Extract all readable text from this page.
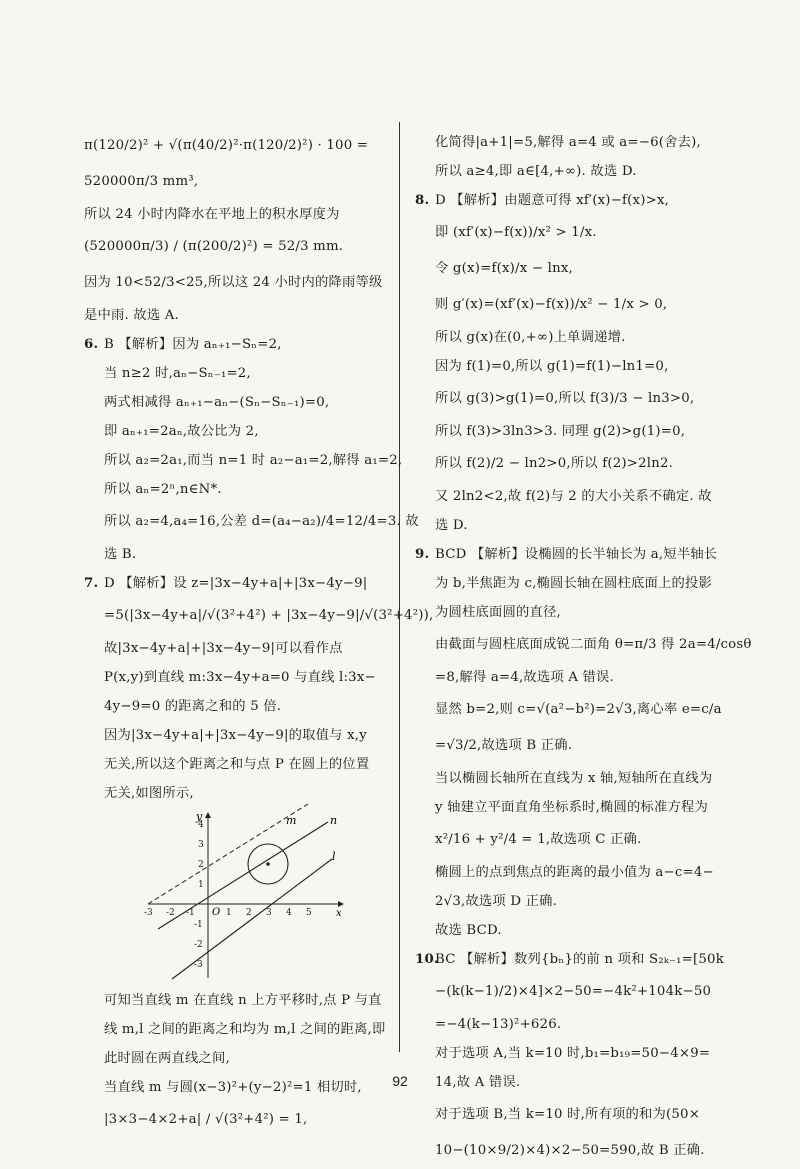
π(120/2)² + √(π(40/2)²·π(120/2)²) · 100 =
520000π/3 mm³,
所以 24 小时内降水在平地上的积水厚度为
(520000π/3) / (π(200/2)²) = 52/3 mm.
因为 10<52/3<25,所以这 24 小时内的降雨等级
是中雨. 故选 A.
6. B 【解析】因为 aₙ₊₁−Sₙ=2,
当 n≥2 时,aₙ−Sₙ₋₁=2,
两式相减得 aₙ₊₁−aₙ−(Sₙ−Sₙ₋₁)=0,
即 aₙ₊₁=2aₙ,故公比为 2,
所以 a₂=2a₁,而当 n=1 时 a₂−a₁=2,解得 a₁=2,
所以 aₙ=2ⁿ,n∈N*.
所以 a₂=4,a₄=16,公差 d=(a₄−a₂)/4=12/4=3. 故
选 B.
7. D 【解析】设 z=|3x−4y+a|+|3x−4y−9|
=5(|3x−4y+a|/√(3²+4²) + |3x−4y−9|/√(3²+4²)),
故|3x−4y+a|+|3x−4y−9|可以看作点
P(x,y)到直线 m:3x−4y+a=0 与直线 l:3x−
4y−9=0 的距离之和的 5 倍.
因为|3x−4y+a|+|3x−4y−9|的取值与 x,y
无关,所以这个距离之和与点 P 在圆上的位置
无关,如图所示,
-3 -2 -1	1 2 3 4 5
4
3
2
1
-1
-2
-3
O	x
y	m	n
l
可知当直线 m 在直线 n 上方平移时,点 P 与直
线 m,l 之间的距离之和均为 m,l 之间的距离,即
此时圆在两直线之间,
当直线 m 与圆(x−3)²+(y−2)²=1 相切时,
|3×3−4×2+a| / √(3²+4²) = 1,
化简得|a+1|=5,解得 a=4 或 a=−6(舍去),
所以 a≥4,即 a∈[4,+∞). 故选 D.
8. D 【解析】由题意可得 xf′(x)−f(x)>x,
即 (xf′(x)−f(x))/x² > 1/x.
令 g(x)=f(x)/x − lnx,
则 g′(x)=(xf′(x)−f(x))/x² − 1/x > 0,
所以 g(x)在(0,+∞)上单调递增.
因为 f(1)=0,所以 g(1)=f(1)−ln1=0,
所以 g(3)>g(1)=0,所以 f(3)/3 − ln3>0,
所以 f(3)>3ln3>3. 同理 g(2)>g(1)=0,
所以 f(2)/2 − ln2>0,所以 f(2)>2ln2.
又 2ln2<2,故 f(2)与 2 的大小关系不确定. 故
选 D.
9. BCD 【解析】设椭圆的长半轴长为 a,短半轴长
为 b,半焦距为 c,椭圆长轴在圆柱底面上的投影
为圆柱底面圆的直径,
由截面与圆柱底面成锐二面角 θ=π/3 得 2a=4/cosθ
=8,解得 a=4,故选项 A 错误.
显然 b=2,则 c=√(a²−b²)=2√3,离心率 e=c/a
=√3/2,故选项 B 正确.
当以椭圆长轴所在直线为 x 轴,短轴所在直线为
y 轴建立平面直角坐标系时,椭圆的标准方程为
x²/16 + y²/4 = 1,故选项 C 正确.
椭圆上的点到焦点的距离的最小值为 a−c=4−
2√3,故选项 D 正确.
故选 BCD.
10.BC 【解析】数列{bₙ}的前 n 项和 S₂ₖ₋₁=[50k
−(k(k−1)/2)×4]×2−50=−4k²+104k−50
=−4(k−13)²+626.
对于选项 A,当 k=10 时,b₁=b₁₉=50−4×9=
14,故 A 错误.
对于选项 B,当 k=10 时,所有项的和为(50×
10−(10×9/2)×4)×2−50=590,故 B 正确.
92
